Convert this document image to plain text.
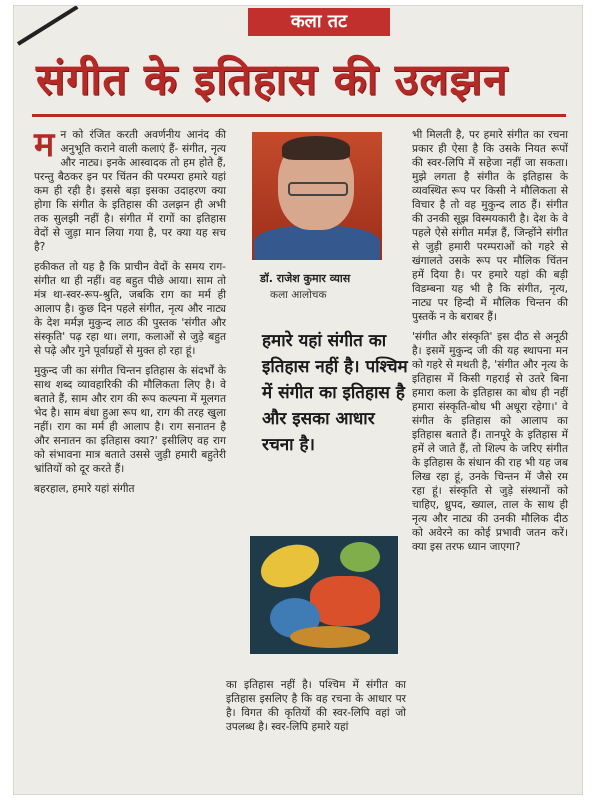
कला तट
संगीत के इतिहास की उलझन

मन को रंजित करती अवर्णनीय आनंद की अनुभूति कराने वाली कलाएं हैं- संगीत, नृत्य और नाट्य। इनके आस्वादक तो हम होते हैं, परन्तु बैठकर इन पर चिंतन की परम्परा हमारे यहां कम ही रही है। इससे बड़ा इसका उदाहरण क्या होगा कि संगीत के इतिहास की उलझन ही अभी तक सुलझी नहीं है। संगीत में रागों का इतिहास वेदों से जुड़ा मान लिया गया है, पर क्या यह सच है?

हकीकत तो यह है कि प्राचीन वेदों के समय राग-संगीत था ही नहीं। वह बहुत पीछे आया। साम तो मंत्र था-स्वर-रूप-श्रुति, जबकि राग का मर्म ही आलाप है। कुछ दिन पहले संगीत, नृत्य और नाट्य के देश मर्मज्ञ मुकुन्द लाठ की पुस्तक 'संगीत और संस्कृति' पढ़ रहा था। लगा, कलाओं से जुड़े बहुत से पढ़े और गुने पूर्वाग्रहों से मुक्त हो रहा हूं।

मुकुन्द जी का संगीत चिन्तन इतिहास के संदर्भों के साथ शब्द व्यावहारिकी की मौलिकता लिए है। वे बताते हैं, साम और राग की रूप कल्पना में मूलगत भेद है। साम बंधा हुआ रूप था, राग की तरह खुला नहीं। राग का मर्म ही आलाप है। राग सनातन है और सनातन का इतिहास क्या?' इसीलिए वह राग को संभावना मात्र बताते उससे जुड़ी हमारी बहुतेरी भ्रांतियों को दूर करते हैं।

बहरहाल, हमारे यहां संगीत

डॉ. राजेश कुमार व्यास
कला आलोचक
हमारे यहां संगीत का इतिहास नहीं है। पश्चिम में संगीत का इतिहास है और इसका आधार रचना है।
का इतिहास नहीं है। पश्चिम में संगीत का इतिहास इसलिए है कि वह रचना के आधार पर है। विगत की कृतियों की स्वर-लिपि वहां जो उपलब्ध है। स्वर-लिपि हमारे यहां

भी मिलती है, पर हमारे संगीत का रचना प्रकार ही ऐसा है कि उसके नियत रूपों की स्वर-लिपि में सहेजा नहीं जा सकता। मुझे लगता है संगीत के इतिहास के व्यवस्थित रूप पर किसी ने मौलिकता से विचार है तो वह मुकुन्द लाठ हैं। संगीत की उनकी सूझ विस्मयकारी है। देश के वे पहले ऐसे संगीत मर्मज्ञ हैं, जिन्होंने संगीत से जुड़ी हमारी परम्पराओं को गहरे से खंगालते उसके रूप पर मौलिक चिंतन हमें दिया है। पर हमारे यहां की बड़ी विडम्बना यह भी है कि संगीत, नृत्य, नाट्य पर हिन्दी में मौलिक चिन्तन की पुस्तकें न के बराबर हैं।

'संगीत और संस्कृति' इस दीठ से अनूठी है। इसमें मुकुन्द जी की यह स्थापना मन को गहरे से मथती है, 'संगीत और नृत्य के इतिहास में किसी गहराई से उतरे बिना हमारा कला के इतिहास का बोध ही नहीं हमारा संस्कृति-बोध भी अधूरा रहेगा।' वे संगीत के इतिहास को आलाप का इतिहास बताते हैं। तानपूरे के इतिहास में हमें ले जाते हैं, तो शिल्प के जरिए संगीत के इतिहास के संधान की राह भी यह जब लिख रहा हूं, उनके चिन्तन में जैसे रम रहा हूं। संस्कृति से जुड़े संस्थानों को चाहिए, ध्रुपद, ख्याल, ताल के साथ ही नृत्य और नाट्य की उनकी मौलिक दीठ को अवेरने का कोई प्रभावी जतन करें। क्या इस तरफ ध्यान जाएगा?
